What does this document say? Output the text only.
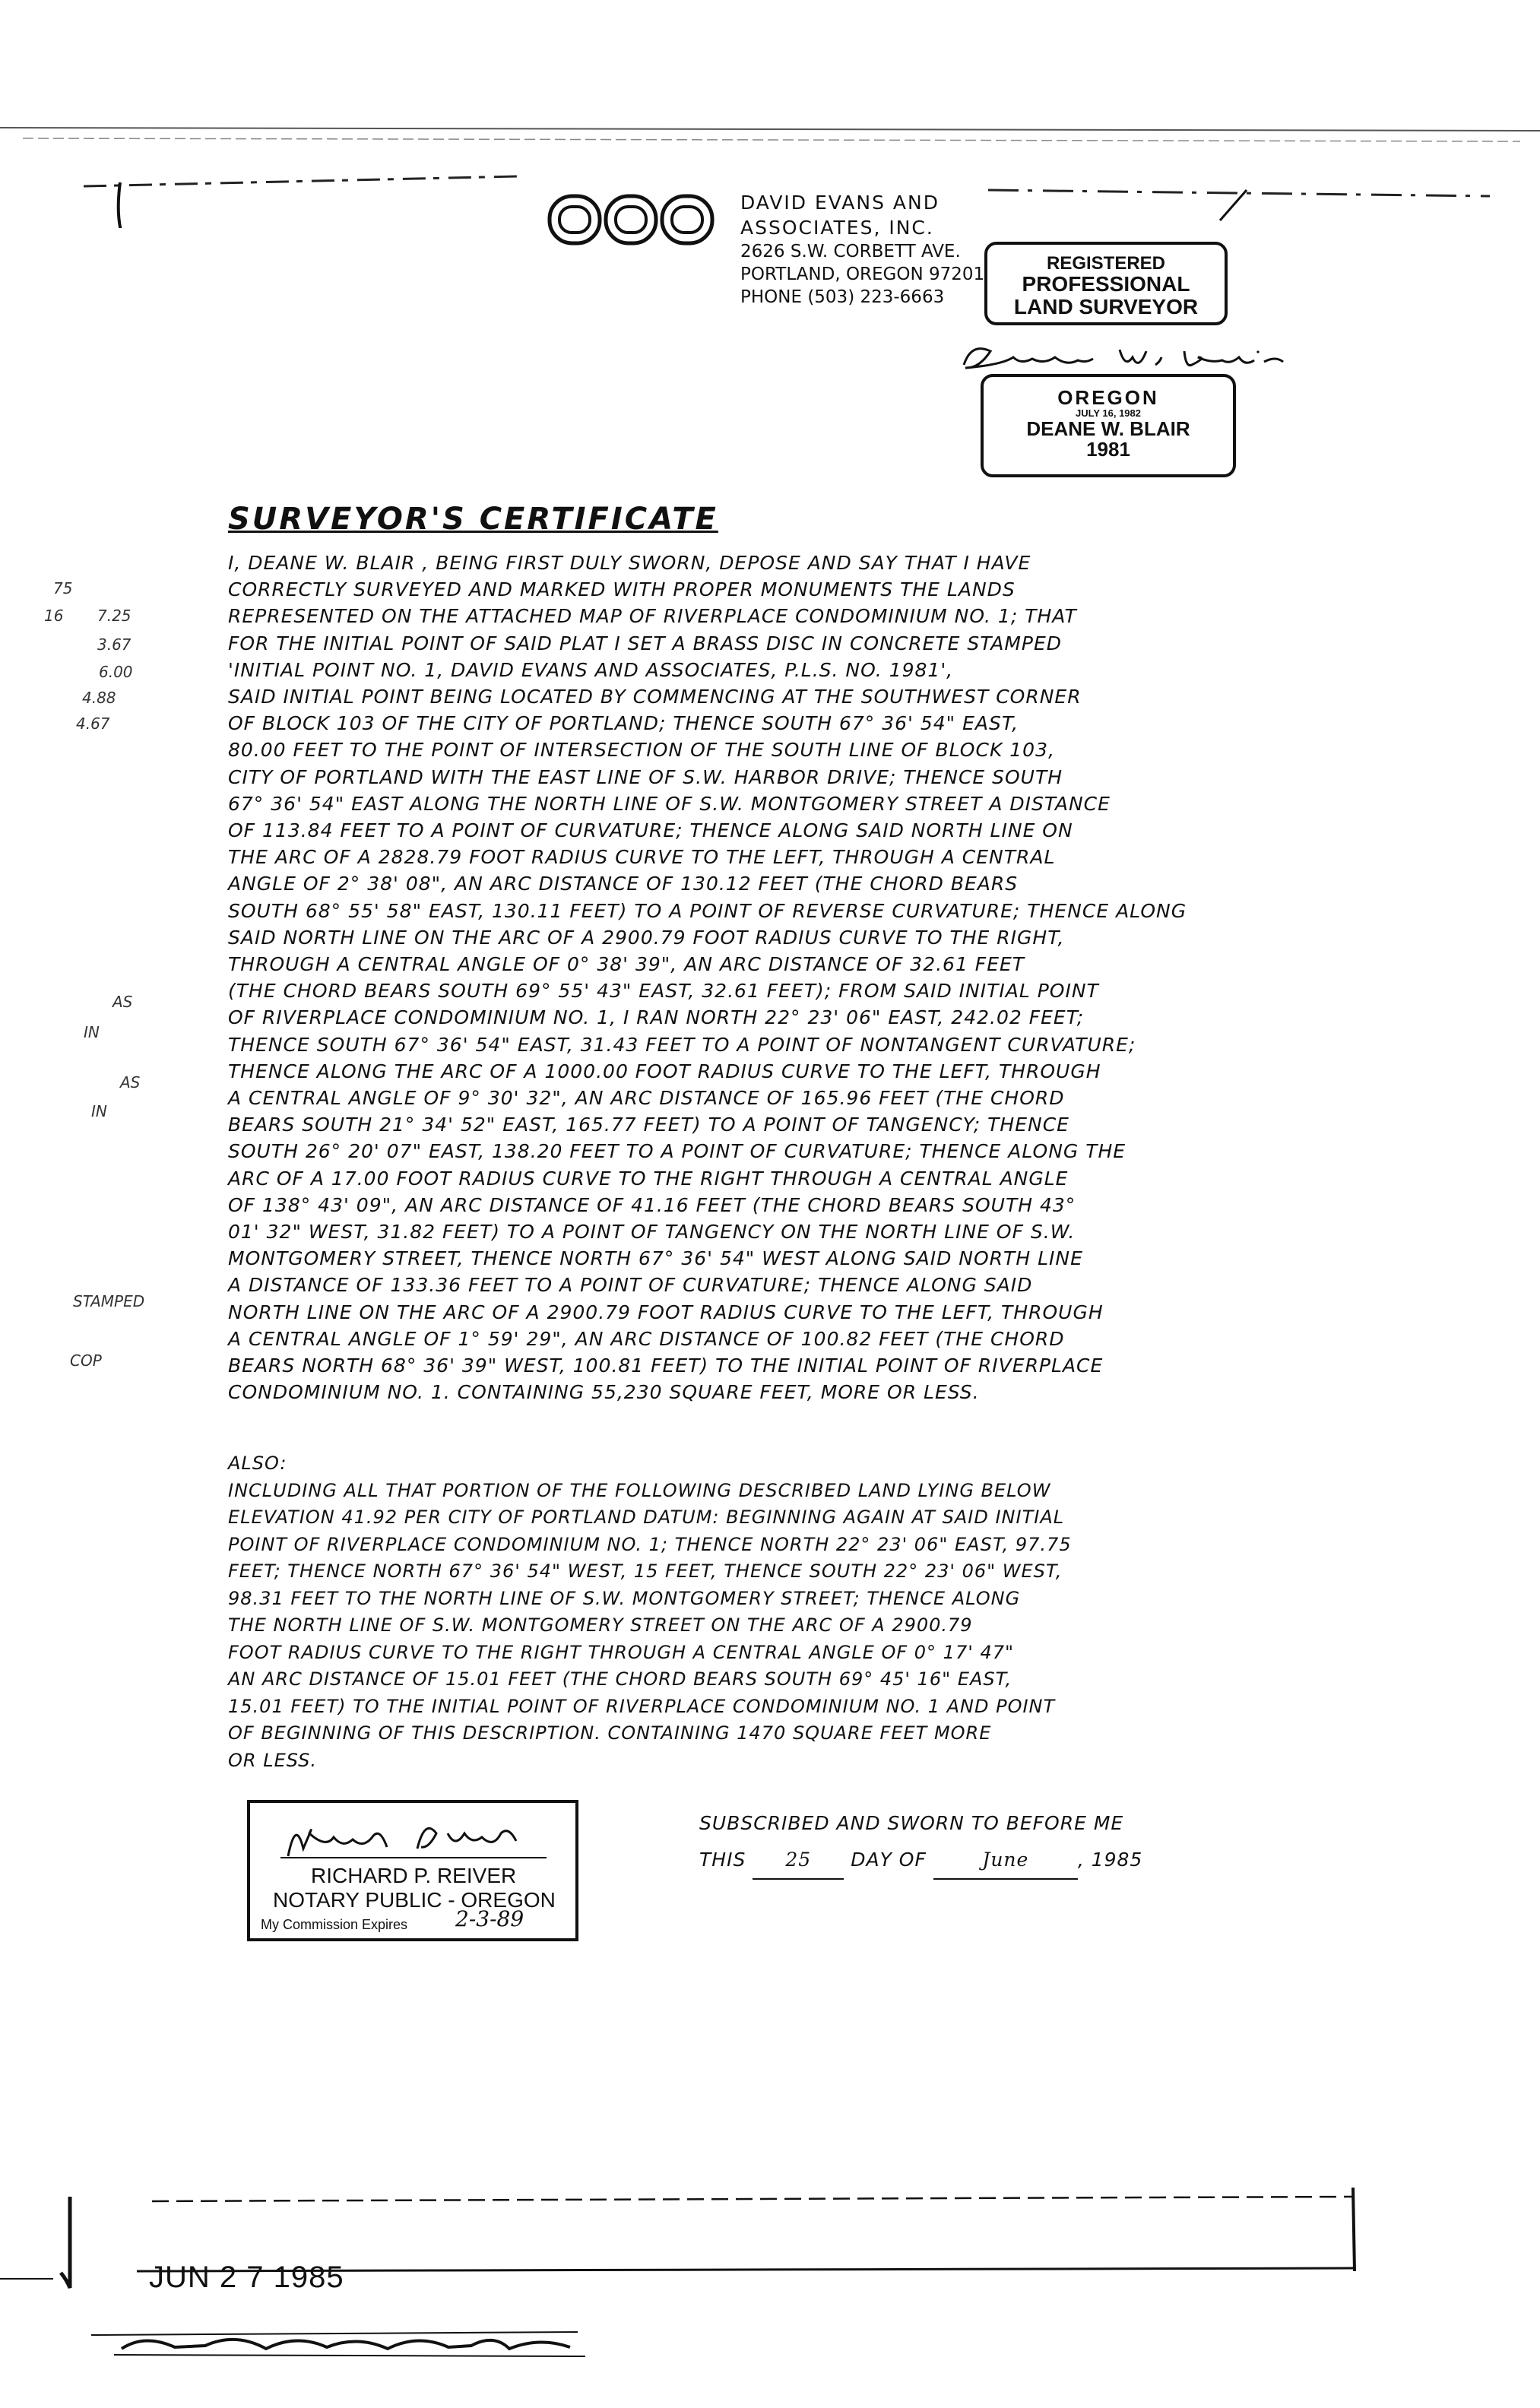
DAVID EVANS AND
ASSOCIATES, INC.
2626 S.W. CORBETT AVE.
PORTLAND, OREGON 97201
PHONE (503) 223-6663
REGISTERED
PROFESSIONAL
LAND SURVEYOR
OREGON
JULY 16, 1982
DEANE W. BLAIR
1981
SURVEYOR'S CERTIFICATE
I, DEANE W. BLAIR , BEING FIRST DULY SWORN, DEPOSE AND SAY THAT I HAVE
CORRECTLY SURVEYED AND MARKED WITH PROPER MONUMENTS THE LANDS
REPRESENTED ON THE ATTACHED MAP OF RIVERPLACE CONDOMINIUM NO. 1; THAT
FOR THE INITIAL POINT OF SAID PLAT I SET A BRASS DISC IN CONCRETE STAMPED
'INITIAL POINT NO. 1, DAVID EVANS AND ASSOCIATES, P.L.S. NO. 1981',
SAID INITIAL POINT BEING LOCATED BY COMMENCING AT THE SOUTHWEST CORNER
OF BLOCK 103 OF THE CITY OF PORTLAND; THENCE SOUTH 67° 36' 54" EAST,
80.00 FEET TO THE POINT OF INTERSECTION OF THE SOUTH LINE OF BLOCK 103,
CITY OF PORTLAND WITH THE EAST LINE OF S.W. HARBOR DRIVE; THENCE SOUTH
67° 36' 54" EAST ALONG THE NORTH LINE OF S.W. MONTGOMERY STREET A DISTANCE
OF 113.84 FEET TO A POINT OF CURVATURE; THENCE ALONG SAID NORTH LINE ON
THE ARC OF A 2828.79 FOOT RADIUS CURVE TO THE LEFT, THROUGH A CENTRAL
ANGLE OF 2° 38' 08", AN ARC DISTANCE OF 130.12 FEET (THE CHORD BEARS
SOUTH 68° 55' 58" EAST, 130.11 FEET) TO A POINT OF REVERSE CURVATURE; THENCE ALONG
SAID NORTH LINE ON THE ARC OF A 2900.79 FOOT RADIUS CURVE TO THE RIGHT,
THROUGH A CENTRAL ANGLE OF 0° 38' 39", AN ARC DISTANCE OF 32.61 FEET
(THE CHORD BEARS SOUTH 69° 55' 43" EAST, 32.61 FEET); FROM SAID INITIAL POINT
OF RIVERPLACE CONDOMINIUM NO. 1, I RAN NORTH 22° 23' 06" EAST, 242.02 FEET;
THENCE SOUTH 67° 36' 54" EAST, 31.43 FEET TO A POINT OF NONTANGENT CURVATURE;
THENCE ALONG THE ARC OF A 1000.00 FOOT RADIUS CURVE TO THE LEFT, THROUGH
A CENTRAL ANGLE OF 9° 30' 32", AN ARC DISTANCE OF 165.96 FEET (THE CHORD
BEARS SOUTH 21° 34' 52" EAST, 165.77 FEET) TO A POINT OF TANGENCY; THENCE
SOUTH 26° 20' 07" EAST, 138.20 FEET TO A POINT OF CURVATURE; THENCE ALONG THE
ARC OF A 17.00 FOOT RADIUS CURVE TO THE RIGHT THROUGH A CENTRAL ANGLE
OF 138° 43' 09", AN ARC DISTANCE OF 41.16 FEET (THE CHORD BEARS SOUTH 43°
01' 32" WEST, 31.82 FEET) TO A POINT OF TANGENCY ON THE NORTH LINE OF S.W.
MONTGOMERY STREET, THENCE NORTH 67° 36' 54" WEST ALONG SAID NORTH LINE
A DISTANCE OF 133.36 FEET TO A POINT OF CURVATURE; THENCE ALONG SAID
NORTH LINE ON THE ARC OF A 2900.79 FOOT RADIUS CURVE TO THE LEFT, THROUGH
A CENTRAL ANGLE OF 1° 59' 29", AN ARC DISTANCE OF 100.82 FEET (THE CHORD
BEARS NORTH 68° 36' 39" WEST, 100.81 FEET) TO THE INITIAL POINT OF RIVERPLACE
CONDOMINIUM NO. 1. CONTAINING 55,230 SQUARE FEET, MORE OR LESS.
ALSO:
INCLUDING ALL THAT PORTION OF THE FOLLOWING DESCRIBED LAND LYING BELOW
ELEVATION 41.92 PER CITY OF PORTLAND DATUM: BEGINNING AGAIN AT SAID INITIAL
POINT OF RIVERPLACE CONDOMINIUM NO. 1; THENCE NORTH 22° 23' 06" EAST, 97.75
FEET; THENCE NORTH 67° 36' 54" WEST, 15 FEET, THENCE SOUTH 22° 23' 06" WEST,
98.31 FEET TO THE NORTH LINE OF S.W. MONTGOMERY STREET; THENCE ALONG
THE NORTH LINE OF S.W. MONTGOMERY STREET ON THE ARC OF A 2900.79
FOOT RADIUS CURVE TO THE RIGHT THROUGH A CENTRAL ANGLE OF 0° 17' 47"
AN ARC DISTANCE OF 15.01 FEET (THE CHORD BEARS SOUTH 69° 45' 16" EAST,
15.01 FEET) TO THE INITIAL POINT OF RIVERPLACE CONDOMINIUM NO. 1 AND POINT
OF BEGINNING OF THIS DESCRIPTION. CONTAINING 1470 SQUARE FEET MORE
OR LESS.
75
16 7.25
3.67
6.00
4.88
4.67
AS
IN
AS
IN
STAMPED
COP
RICHARD P. REIVER
NOTARY PUBLIC - OREGON
My Commission Expires 2-3-89
SUBSCRIBED AND SWORN TO BEFORE ME
THIS 25 DAY OF	June	, 1985
JUN 2 7 1985
